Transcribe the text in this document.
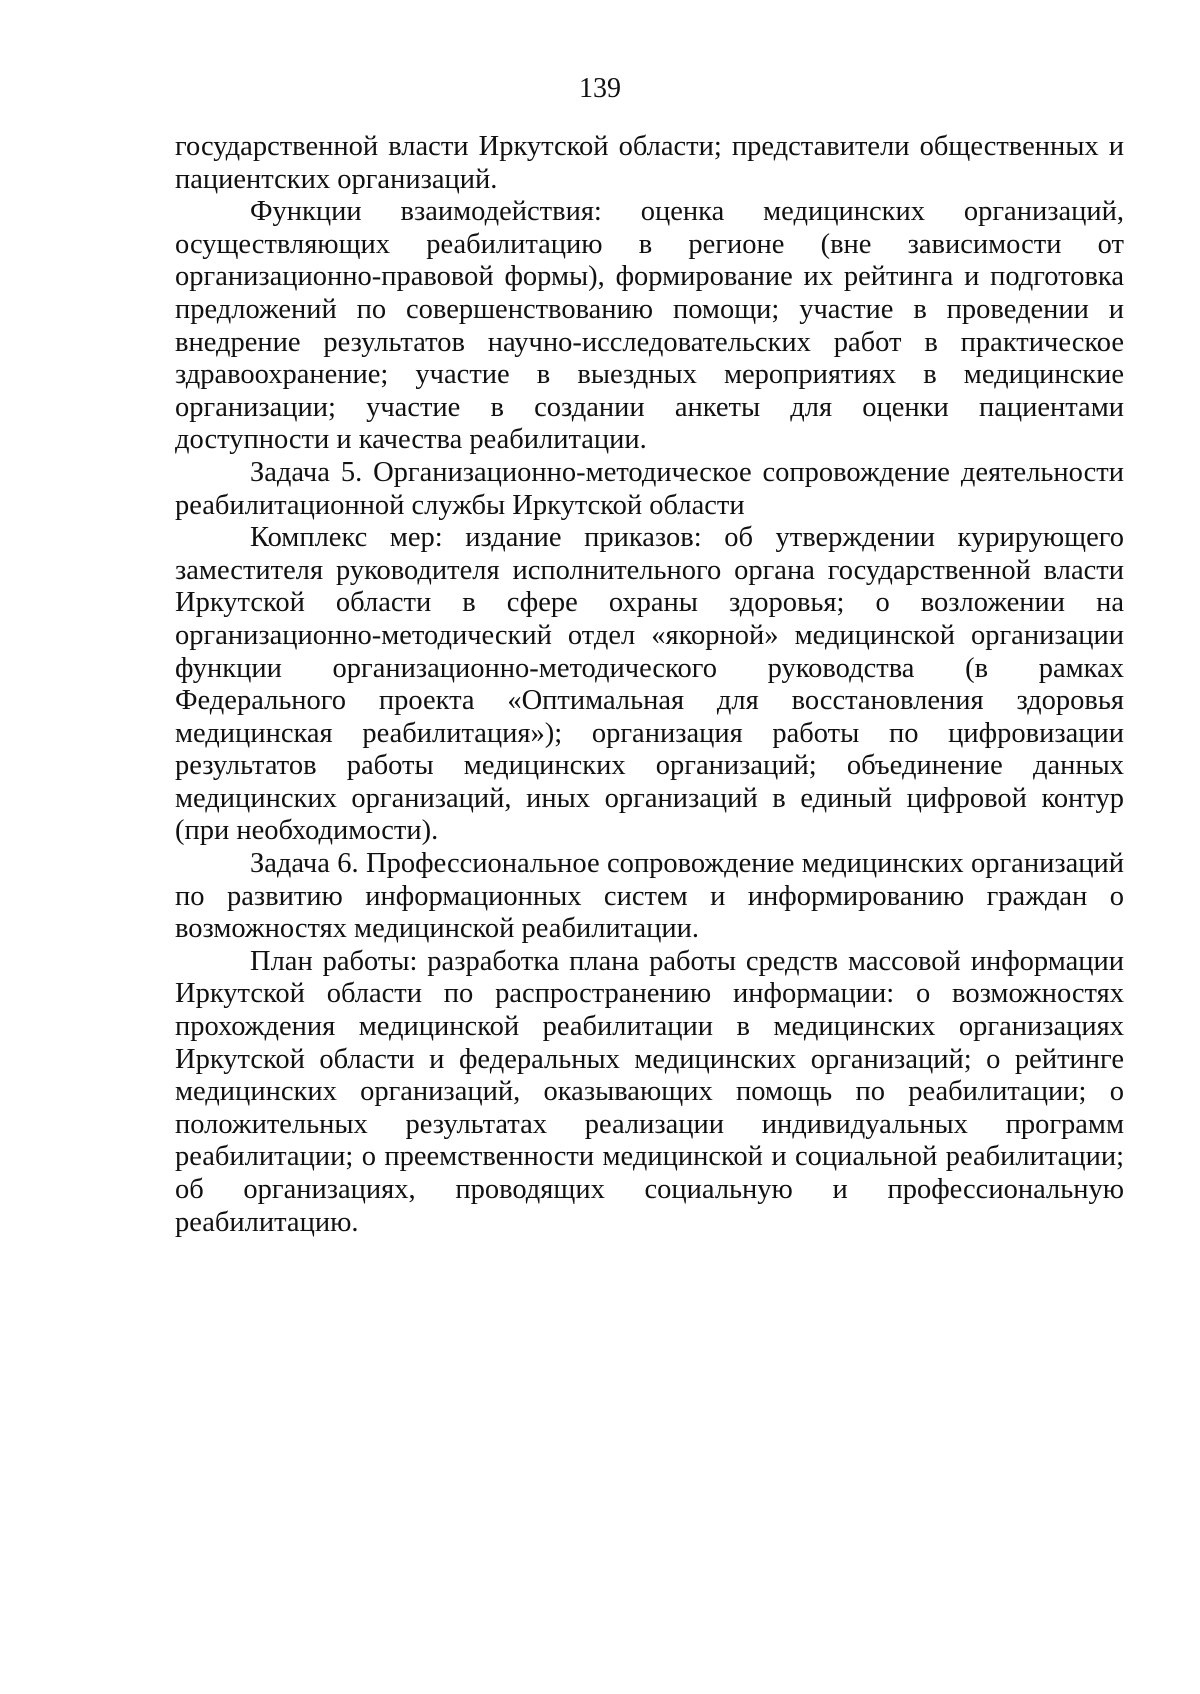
139

государственной власти Иркутской области; представители общественных и пациентских организаций.

Функции взаимодействия: оценка медицинских организаций, осуществляющих реабилитацию в регионе (вне зависимости от организационно-правовой формы), формирование их рейтинга и подготовка предложений по совершенствованию помощи; участие в проведении и внедрение результатов научно-исследовательских работ в практическое здравоохранение; участие в выездных мероприятиях в медицинские организации; участие в создании анкеты для оценки пациентами доступности и качества реабилитации.

Задача 5. Организационно-методическое сопровождение деятельности реабилитационной службы Иркутской области

Комплекс мер: издание приказов: об утверждении курирующего заместителя руководителя исполнительного органа государственной власти Иркутской области в сфере охраны здоровья; о возложении на организационно-методический отдел «якорной» медицинской организации функции организационно-методического руководства (в рамках Федерального проекта «Оптимальная для восстановления здоровья медицинская реабилитация»); организация работы по цифровизации результатов работы медицинских организаций; объединение данных медицинских организаций, иных организаций в единый цифровой контур (при необходимости).

Задача 6. Профессиональное сопровождение медицинских организаций по развитию информационных систем и информированию граждан о возможностях медицинской реабилитации.

План работы: разработка плана работы средств массовой информации Иркутской области по распространению информации: о возможностях прохождения медицинской реабилитации в медицинских организациях Иркутской области и федеральных медицинских организаций; о рейтинге медицинских организаций, оказывающих помощь по реабилитации; о положительных результатах реализации индивидуальных программ реабилитации; о преемственности медицинской и социальной реабилитации; об организациях, проводящих социальную и профессиональную реабилитацию.
